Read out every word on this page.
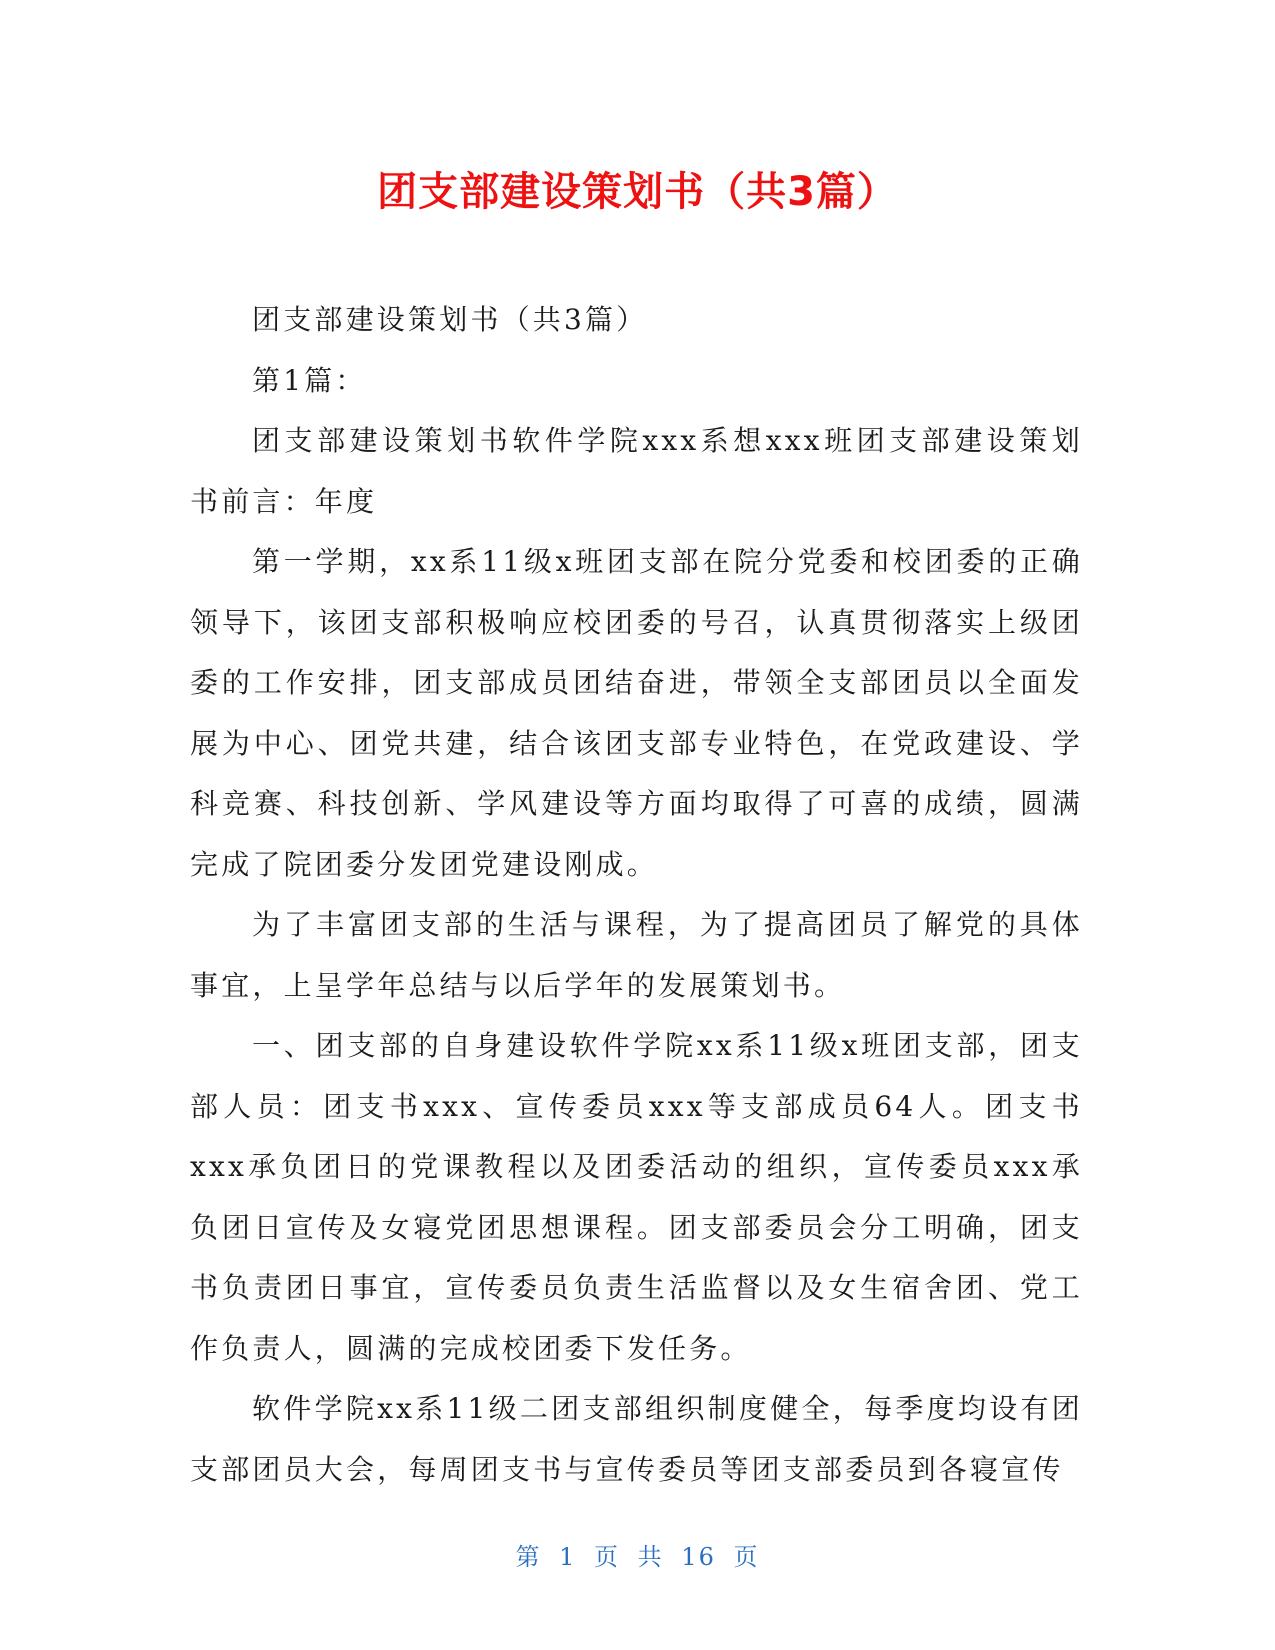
团支部建设策划书（共3篇）

团支部建设策划书（共3篇）

第1篇：

团支部建设策划书软件学院xxx系想xxx班团支部建设策划书前言：年度

第一学期，xx系11级x班团支部在院分党委和校团委的正确领导下，该团支部积极响应校团委的号召，认真贯彻落实上级团委的工作安排，团支部成员团结奋进，带领全支部团员以全面发展为中心、团党共建，结合该团支部专业特色，在党政建设、学科竞赛、科技创新、学风建设等方面均取得了可喜的成绩，圆满完成了院团委分发团党建设刚成。

为了丰富团支部的生活与课程，为了提高团员了解党的具体事宜，上呈学年总结与以后学年的发展策划书。

一、团支部的自身建设软件学院xx系11级x班团支部，团支部人员：团支书xxx、宣传委员xxx等支部成员64人。团支书xxx承负团日的党课教程以及团委活动的组织，宣传委员xxx承负团日宣传及女寝党团思想课程。团支部委员会分工明确，团支书负责团日事宜，宣传委员负责生活监督以及女生宿舍团、党工作负责人，圆满的完成校团委下发任务。

软件学院xx系11级二团支部组织制度健全，每季度均设有团支部团员大会，每周团支书与宣传委员等团支部委员到各寝宣传

第 1 页 共 16 页
